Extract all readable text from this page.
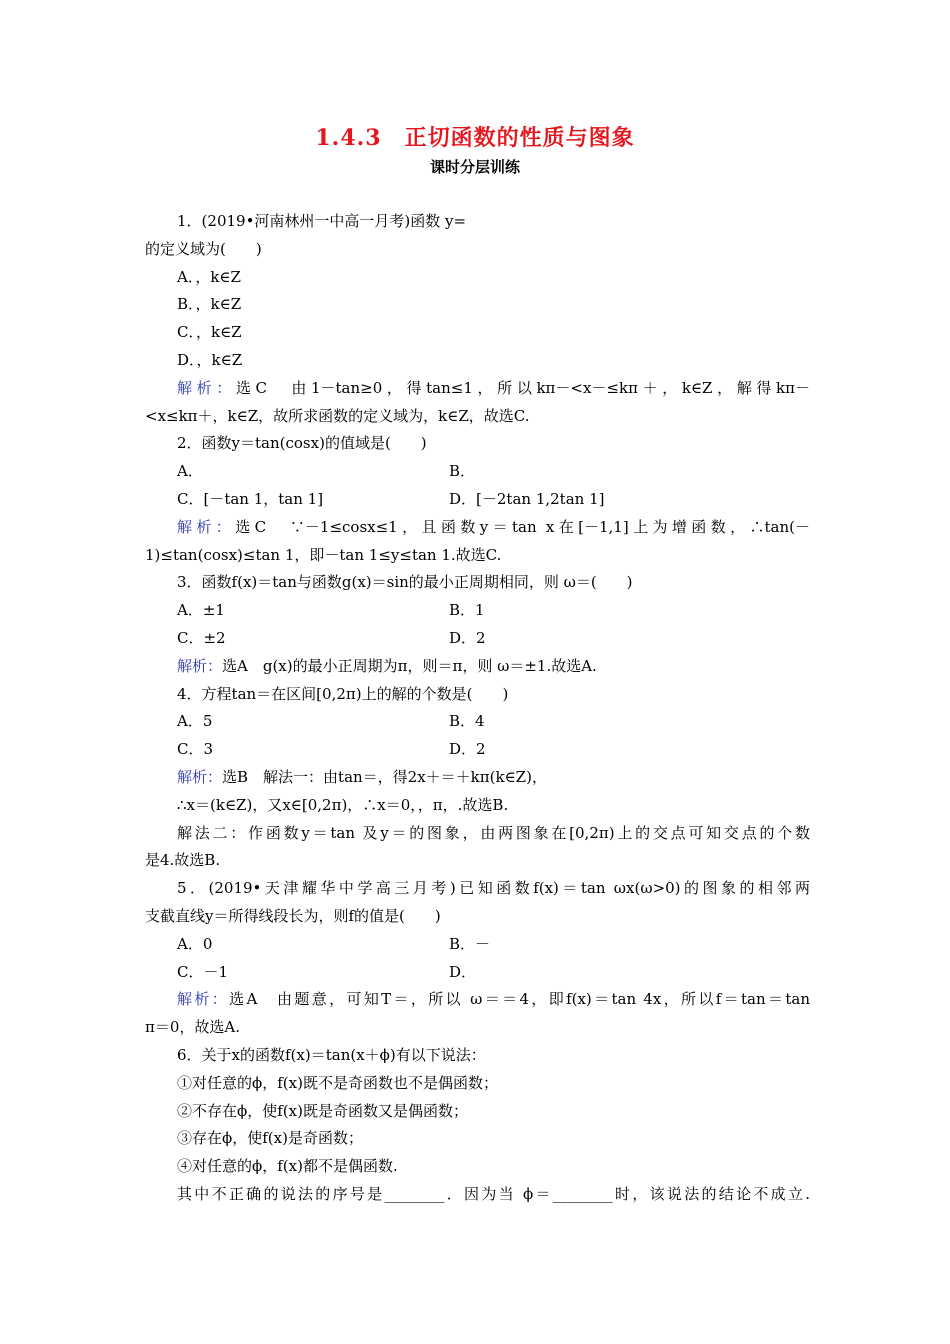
1.4.3　正切函数的性质与图象
课时分层训练
1．(2019•河南林州一中高一月考)函数 y=
的定义域为(　　)
A．，k∈Z
B．，k∈Z
C．，k∈Z
D．，k∈Z
解析：选C　由1－tan≥0，得tan≤1，所以kπ－<x－≤kπ＋，k∈Z，解得kπ－
<x≤kπ＋，k∈Z，故所求函数的定义域为，k∈Z，故选C.
2．函数y＝tan(cosx)的值域是(　　)
A．	B．
C．[－tan 1，tan 1]	D．[－2tan 1,2tan 1]
解析：选C　∵－1≤cosx≤1，且函数y＝tan x在[－1,1]上为增函数，∴tan(－
1)≤tan(cosx)≤tan 1，即－tan 1≤y≤tan 1.故选C.
3．函数f(x)＝tan与函数g(x)＝sin的最小正周期相同，则 ω＝(　　)
A．±1	B．1
C．±2	D．2
解析：选A　g(x)的最小正周期为π，则＝π，则 ω＝±1.故选A.
4．方程tan＝在区间[0,2π)上的解的个数是(　　)
A．5	B．4
C．3	D．2
解析：选B　解法一：由tan＝，得2x＋＝＋kπ(k∈Z)，
∴x＝(k∈Z)，又x∈[0,2π)，∴x＝0，，π，.故选B.
解法二：作函数y＝tan 及y＝的图象，由两图象在[0,2π)上的交点可知交点的个数
是4.故选B.
5．(2019•天津耀华中学高三月考)已知函数f(x)＝tan ωx(ω>0)的图象的相邻两
支截直线y＝所得线段长为，则f的值是(　　)
A．0	B．－
C．－1	D．
解析：选A　由题意，可知T＝，所以 ω＝＝4，即f(x)＝tan 4x，所以f＝tan＝tan
π＝0，故选A.
6．关于x的函数f(x)＝tan(x＋ϕ)有以下说法：
①对任意的ϕ，f(x)既不是奇函数也不是偶函数；
②不存在ϕ，使f(x)既是奇函数又是偶函数；
③存在ϕ，使f(x)是奇函数；
④对任意的ϕ，f(x)都不是偶函数.
其中不正确的说法的序号是________．因为当 ϕ＝________时，该说法的结论不成立.
